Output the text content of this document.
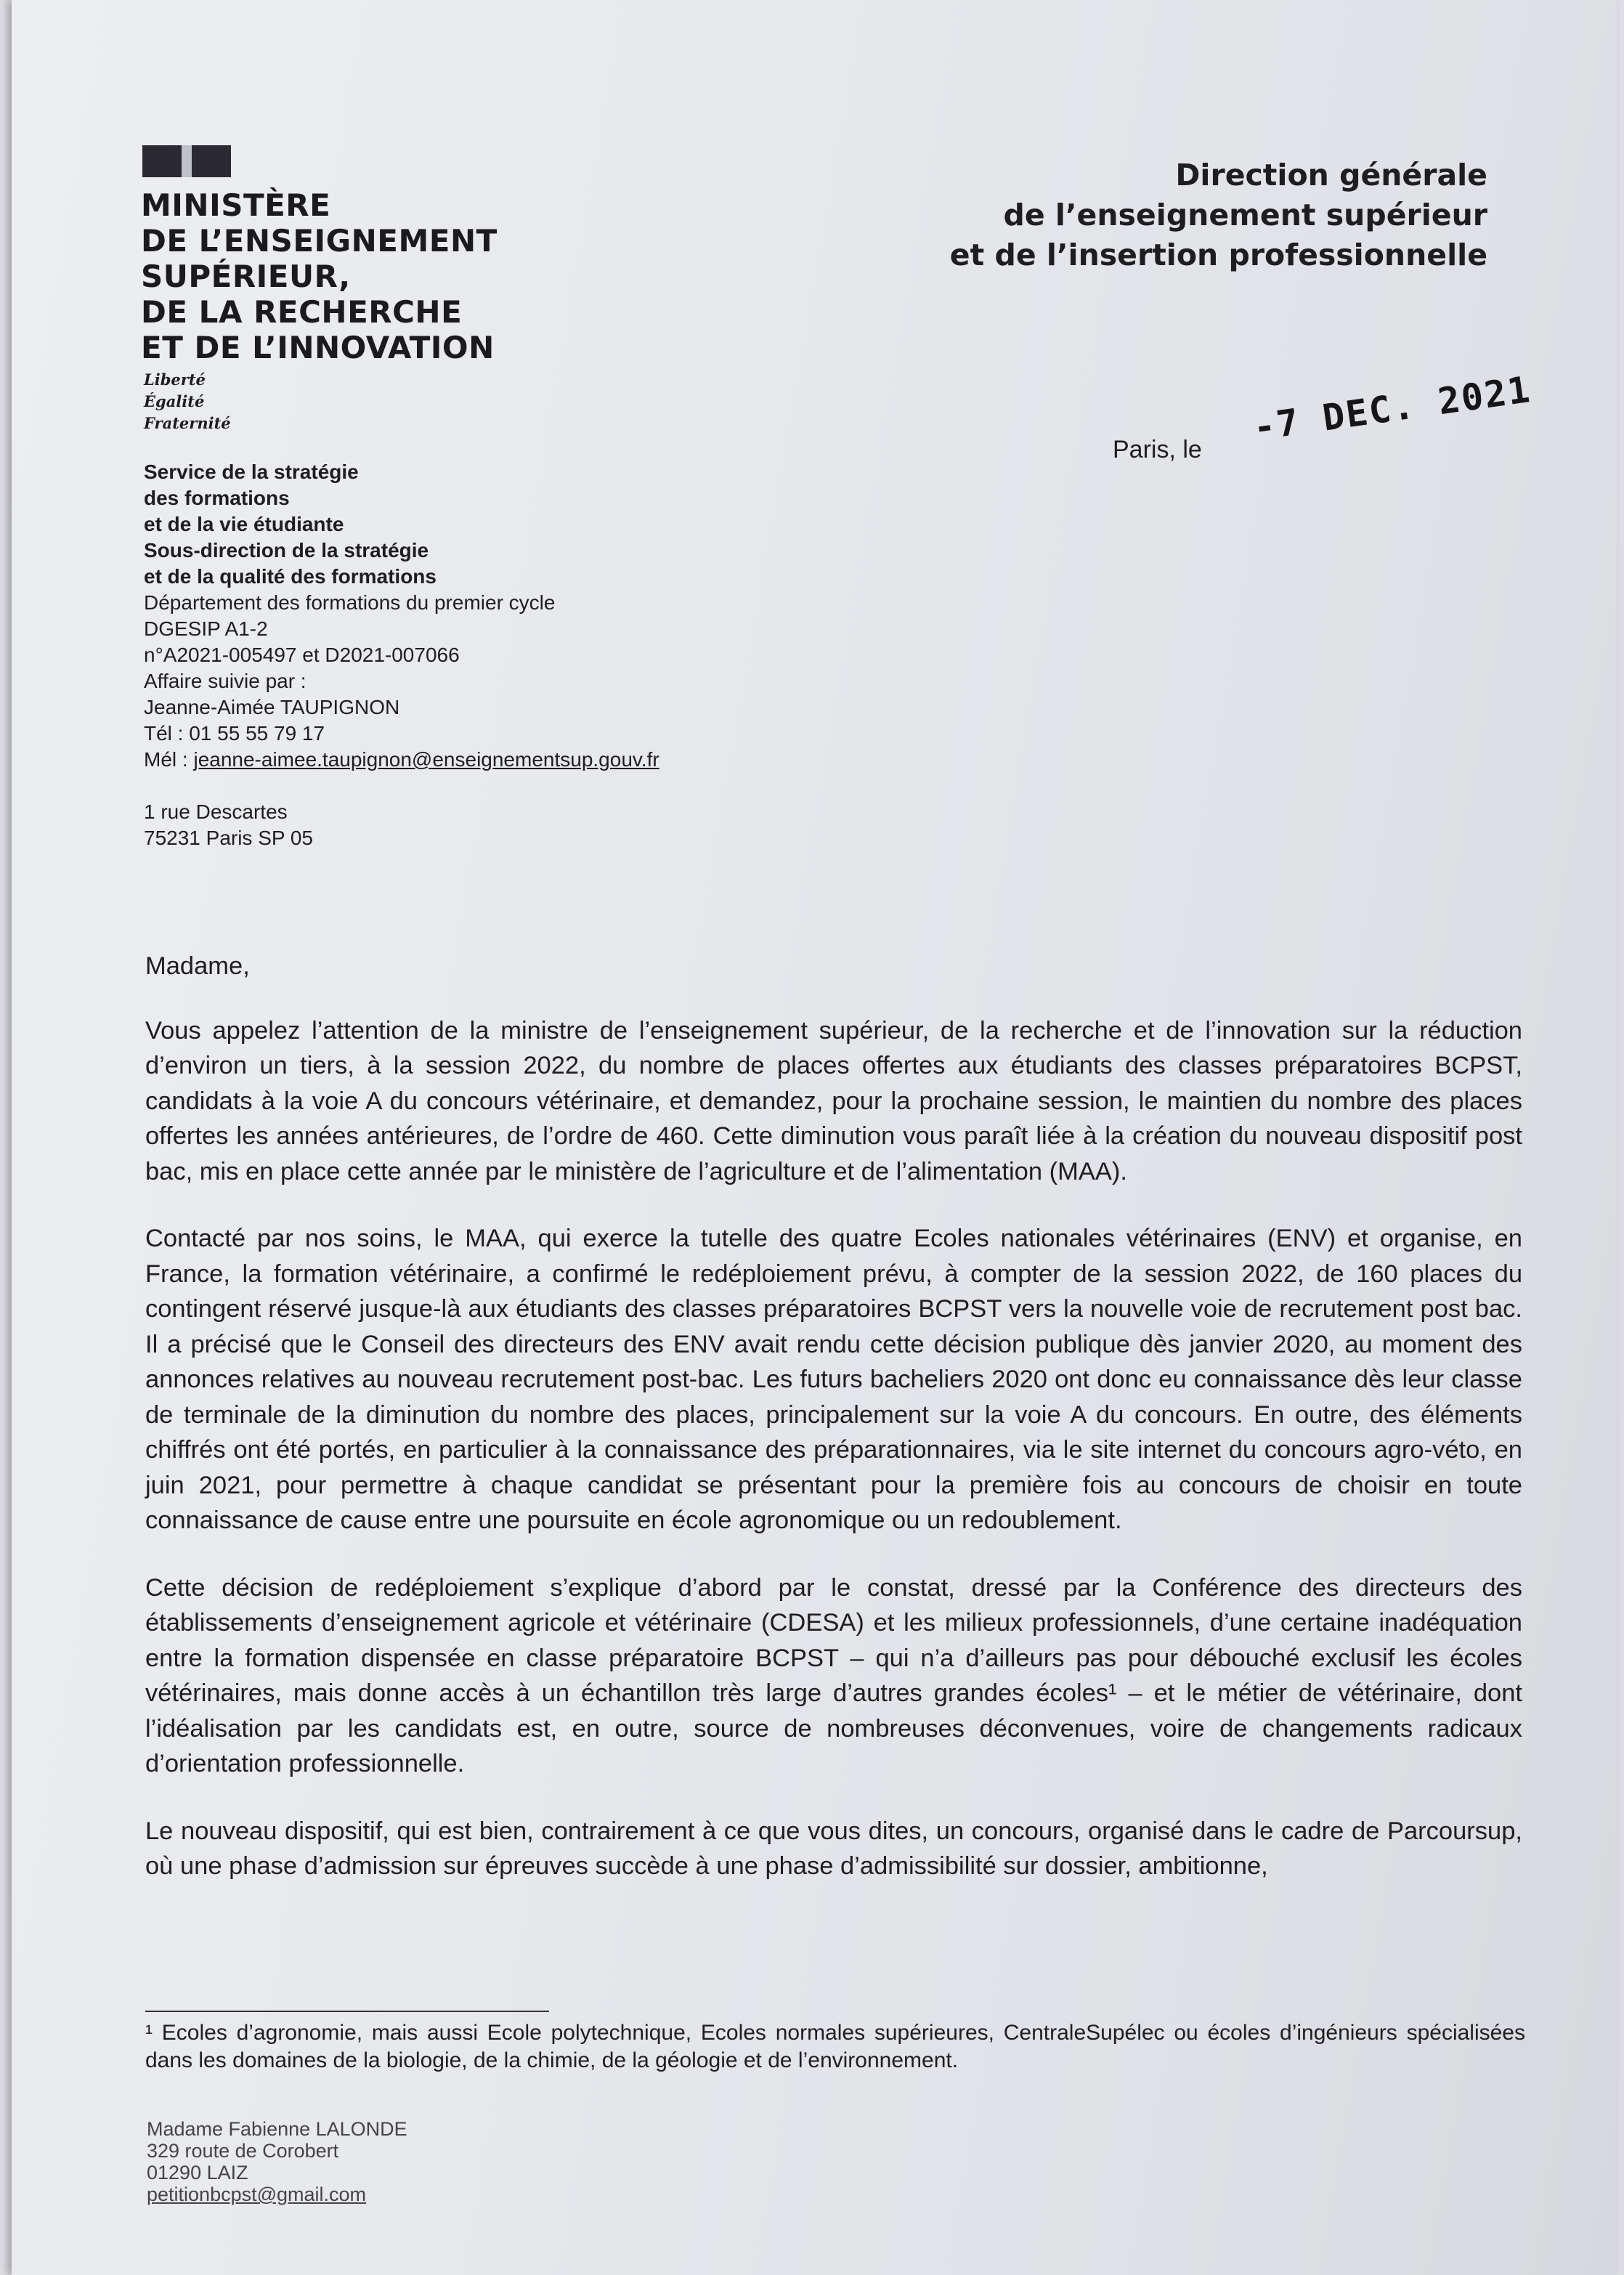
MINISTÈRE
DE L’ENSEIGNEMENT
SUPÉRIEUR,
DE LA RECHERCHE
ET DE L’INNOVATION
Liberté
Égalité
Fraternité
Direction générale
de l’enseignement supérieur
et de l’insertion professionnelle
Paris, le
-7 DEC. 2021
Service de la stratégie
des formations
et de la vie étudiante
Sous-direction de la stratégie
et de la qualité des formations
Département des formations du premier cycle
DGESIP A1-2
n°A2021-005497 et D2021-007066
Affaire suivie par :
Jeanne-Aimée TAUPIGNON
Tél : 01 55 55 79 17
Mél : jeanne-aimee.taupignon@enseignementsup.gouv.fr
1 rue Descartes
75231 Paris SP 05

Madame,

Vous appelez l’attention de la ministre de l’enseignement supérieur, de la recherche et de l’innovation sur la réduction d’environ un tiers, à la session 2022, du nombre de places offertes aux étudiants des classes préparatoires BCPST, candidats à la voie A du concours vétérinaire, et demandez, pour la prochaine session, le maintien du nombre des places offertes les années antérieures, de l’ordre de 460. Cette diminution vous paraît liée à la création du nouveau dispositif post bac, mis en place cette année par le ministère de l’agriculture et de l’alimentation (MAA).

Contacté par nos soins, le MAA, qui exerce la tutelle des quatre Ecoles nationales vétérinaires (ENV) et organise, en France, la formation vétérinaire, a confirmé le redéploiement prévu, à compter de la session 2022, de 160 places du contingent réservé jusque-là aux étudiants des classes préparatoires BCPST vers la nouvelle voie de recrutement post bac. Il a précisé que le Conseil des directeurs des ENV avait rendu cette décision publique dès janvier 2020, au moment des annonces relatives au nouveau recrutement post-bac. Les futurs bacheliers 2020 ont donc eu connaissance dès leur classe de terminale de la diminution du nombre des places, principalement sur la voie A du concours. En outre, des éléments chiffrés ont été portés, en particulier à la connaissance des préparationnaires, via le site internet du concours agro-véto, en juin 2021, pour permettre à chaque candidat se présentant pour la première fois au concours de choisir en toute connaissance de cause entre une poursuite en école agronomique ou un redoublement.

Cette décision de redéploiement s’explique d’abord par le constat, dressé par la Conférence des directeurs des établissements d’enseignement agricole et vétérinaire (CDESA) et les milieux professionnels, d’une certaine inadéquation entre la formation dispensée en classe préparatoire BCPST – qui n’a d’ailleurs pas pour débouché exclusif les écoles vétérinaires, mais donne accès à un échantillon très large d’autres grandes écoles¹ – et le métier de vétérinaire, dont l’idéalisation par les candidats est, en outre, source de nombreuses déconvenues, voire de changements radicaux d’orientation professionnelle.

Le nouveau dispositif, qui est bien, contrairement à ce que vous dites, un concours, organisé dans le cadre de Parcoursup, où une phase d’admission sur épreuves succède à une phase d’admissibilité sur dossier, ambitionne,

¹ Ecoles d’agronomie, mais aussi Ecole polytechnique, Ecoles normales supérieures, CentraleSupélec ou écoles d’ingénieurs spécialisées dans les domaines de la biologie, de la chimie, de la géologie et de l’environnement.
Madame Fabienne LALONDE
329 route de Corobert
01290 LAIZ
petitionbcpst@gmail.com
